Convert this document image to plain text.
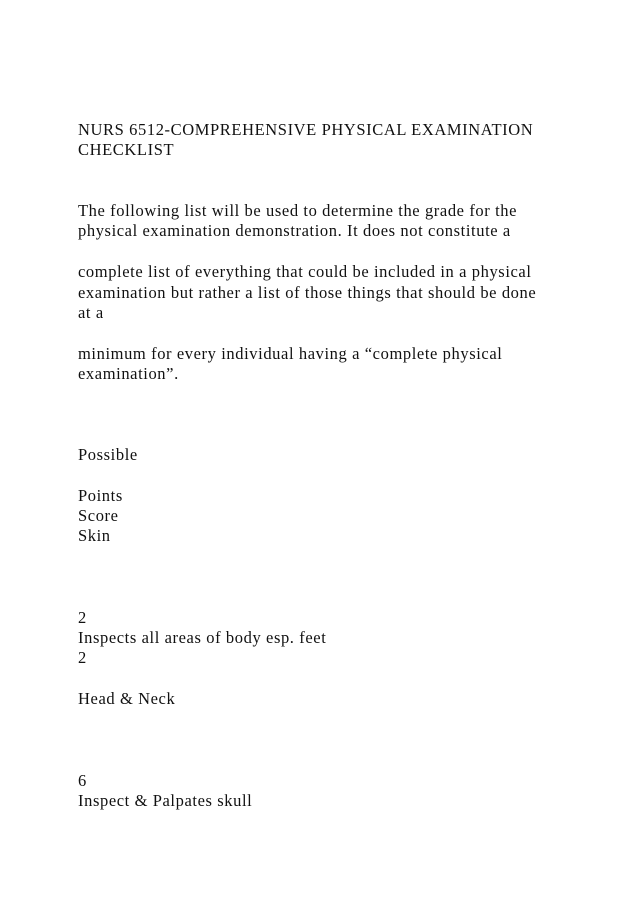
NURS 6512-COMPREHENSIVE PHYSICAL EXAMINATION
CHECKLIST
The following list will be used to determine the grade for the
physical examination demonstration. It does not constitute a
complete list of everything that could be included in a physical
examination but rather a list of those things that should be done
at a
minimum for every individual having a “complete physical
examination”.
Possible
Points
Score
Skin
2
Inspects all areas of body esp. feet
2
Head & Neck
6
Inspect & Palpates skull
